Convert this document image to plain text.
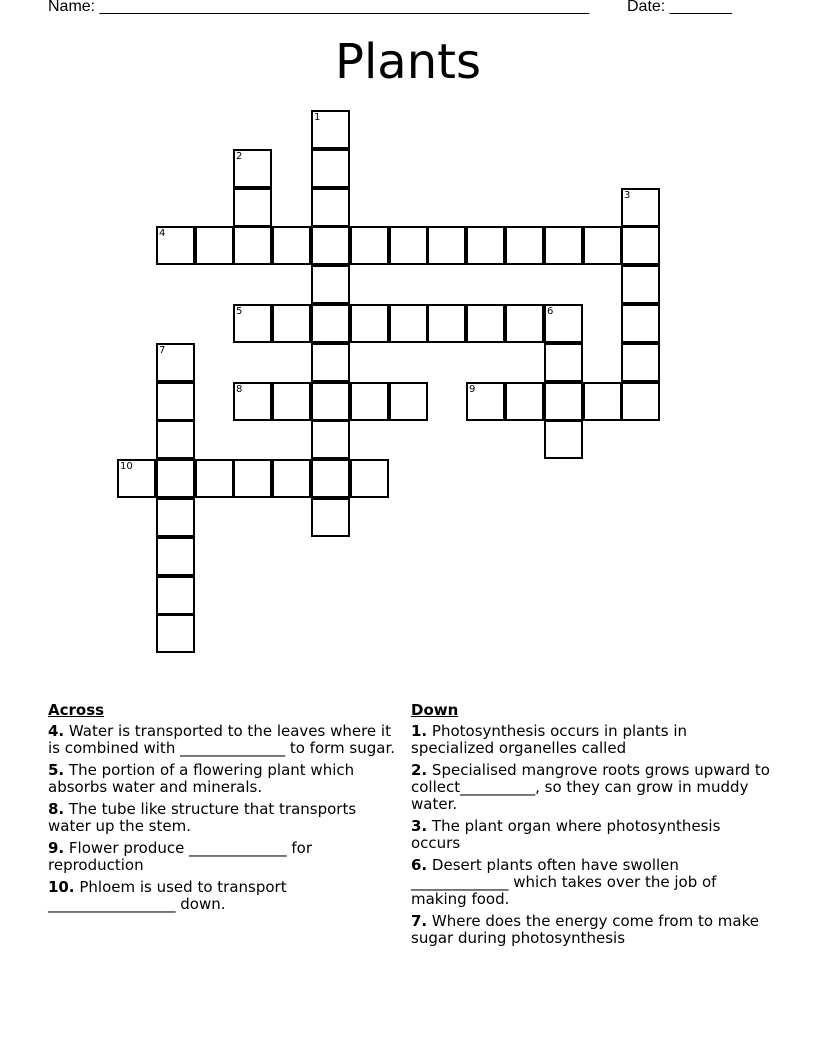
Name: _______________________________________________________ Date: _______
Plants
1
2
3
4
5	6
7
8	9
10
Across
4. Water is transported to the leaves where it is combined with ______________ to form sugar.
5. The portion of a flowering plant which absorbs water and minerals.
8. The tube like structure that transports water up the stem.
9. Flower produce _____________ for reproduction
10. Phloem is used to transport _________________ down.
Down
1. Photosynthesis occurs in plants in specialized organelles called
2. Specialised mangrove roots grows upward to collect__________, so they can grow in muddy water.
3. The plant organ where photosynthesis occurs
6. Desert plants often have swollen _____________ which takes over the job of making food.
7. Where does the energy come from to make sugar during photosynthesis
